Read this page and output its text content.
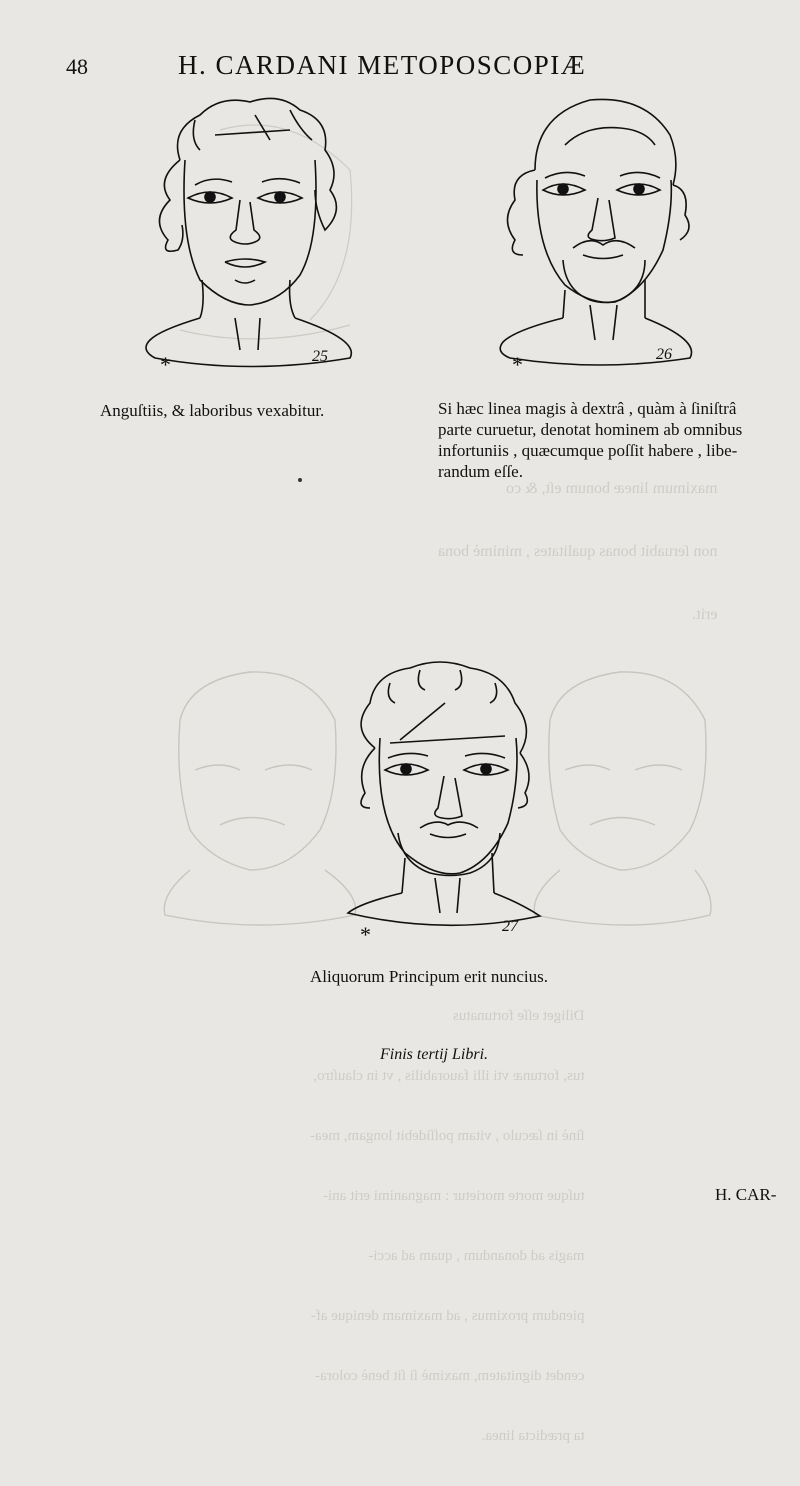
maximum lineæ bonum eſt, & co

non ſeruabit bonas qualitates , minimè bona

erit.

Diliget eſſe fortunatus

tus, fortunæ vti illi fauorabilis , vt in clauſtro,

ſinè in ſæculo , vitam poſſidebit longam, mea-

tuſque morte morietur : magnanimi erit ani-

magis ad donandum , quam ad acci-

piendum proximus , ad maximam denique af-

cendet dignitatem, maximè ſi ſit benè colora-

ta prædicta linea.

48	H. CARDANI METOPOSCOPIÆ
*	25	*	26
Anguſtiis, & laboribus vexabitur.	Si hæc linea magis à dextrâ , quàm à ſiniſtrâ
parte curuetur, denotat hominem ab omnibus
infortuniis , quæcumque poſſit habere , libe-
randum eſſe.
*	27
Aliquorum Principum erit nuncius.
Finis tertij Libri.
H. CAR-
